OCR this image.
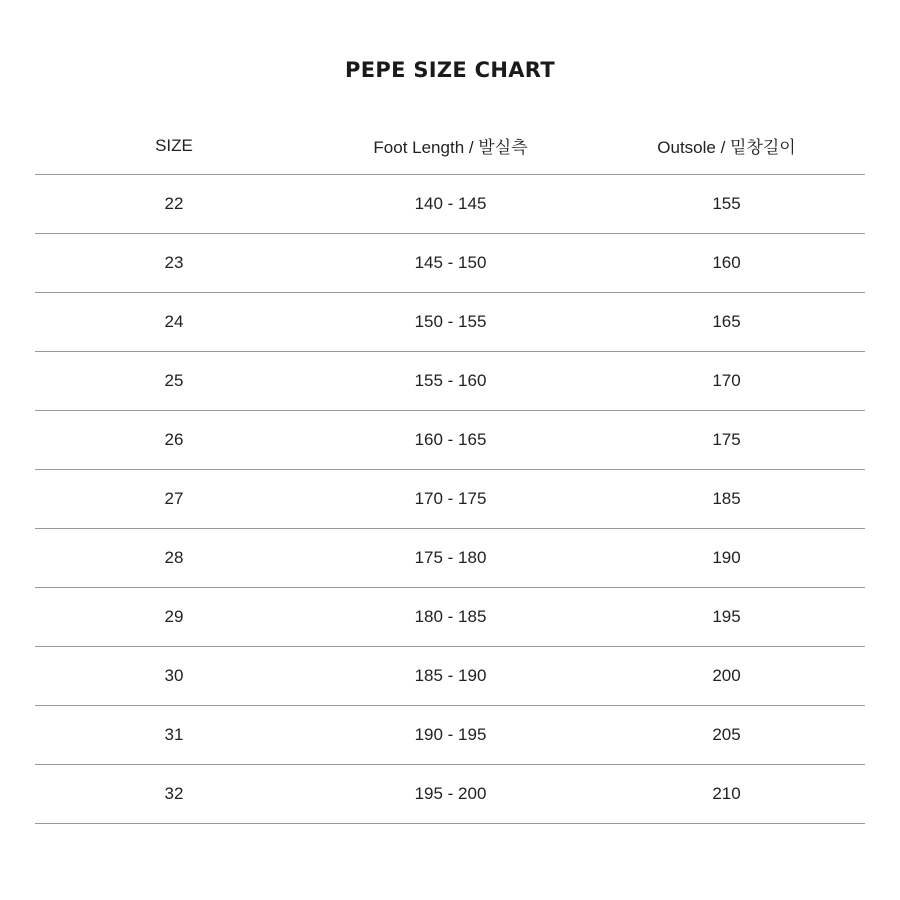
PEPE SIZE CHART
SIZE	Foot Length / 발실측	Outsole / 밑창길이
22	140 - 145	155
23	145 - 150	160
24	150 - 155	165
25	155 - 160	170
26	160 - 165	175
27	170 - 175	185
28	175 - 180	190
29	180 - 185	195
30	185 - 190	200
31	190 - 195	205
32	195 - 200	210
